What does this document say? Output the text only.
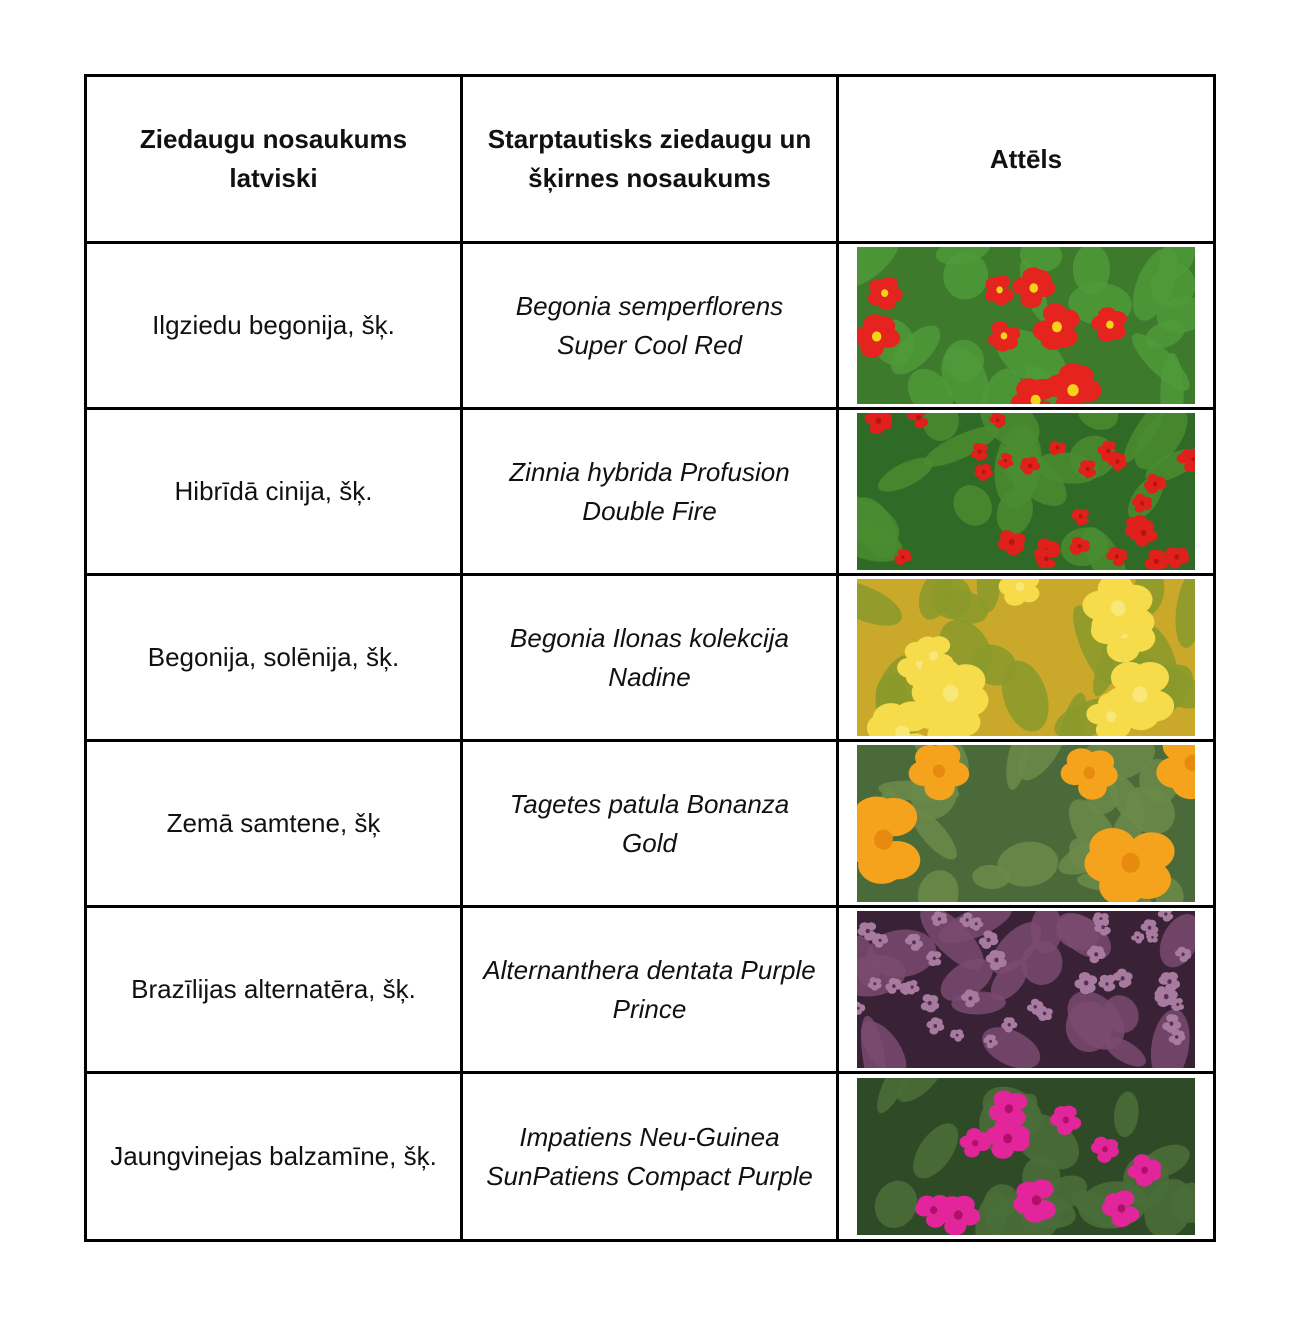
Ziedaugu nosaukums latviski	Starptautisks ziedaugu un šķirnes nosaukums	Attēls
Ilgziedu begonija, šķ.	Begonia semperflorens Super Cool Red	

Hibrīdā cinija, šķ.	Zinnia hybrida Profusion Double Fire	

Begonija, solēnija, šķ.	Begonia Ilonas kolekcija Nadine	

Zemā samtene, šķ	Tagetes patula Bonanza Gold	

Brazīlijas alternatēra, šķ.	Alternanthera dentata Purple Prince	

Jaungvinejas balzamīne, šķ.	Impatiens Neu-Guinea SunPatiens Compact Purple	
